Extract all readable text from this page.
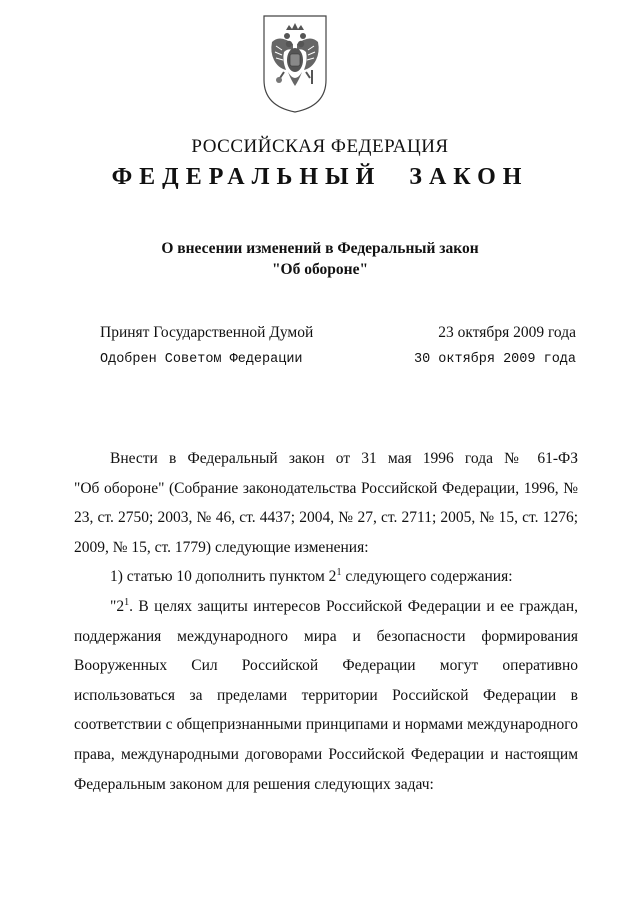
РОССИЙСКАЯ ФЕДЕРАЦИЯ
ФЕДЕРАЛЬНЫЙ ЗАКОН
О внесении изменений в Федеральный закон
"Об обороне"
Принят Государственной Думой	23 октября 2009 года
Одобрен Советом Федерации	30 октября 2009 года

Внести в Федеральный закон от 31 мая 1996 года № 61-ФЗ

"Об обороне" (Собрание законодательства Российской Федерации, 1996, № 23, ст. 2750; 2003, № 46, ст. 4437; 2004, № 27, ст. 2711; 2005, № 15, ст. 1276; 2009, № 15, ст. 1779) следующие изменения:

1) статью 10 дополнить пунктом $2^1$ следующего содержания:

"$2^1$. В целях защиты интересов Российской Федерации и ее граждан, поддержания международного мира и безопасности формирования Вооруженных Сил Российской Федерации могут оперативно использоваться за пределами территории Российской Федерации в соответствии с общепризнанными принципами и нормами международного права, международными договорами Российской Федерации и настоящим Федеральным законом для решения следующих задач:
